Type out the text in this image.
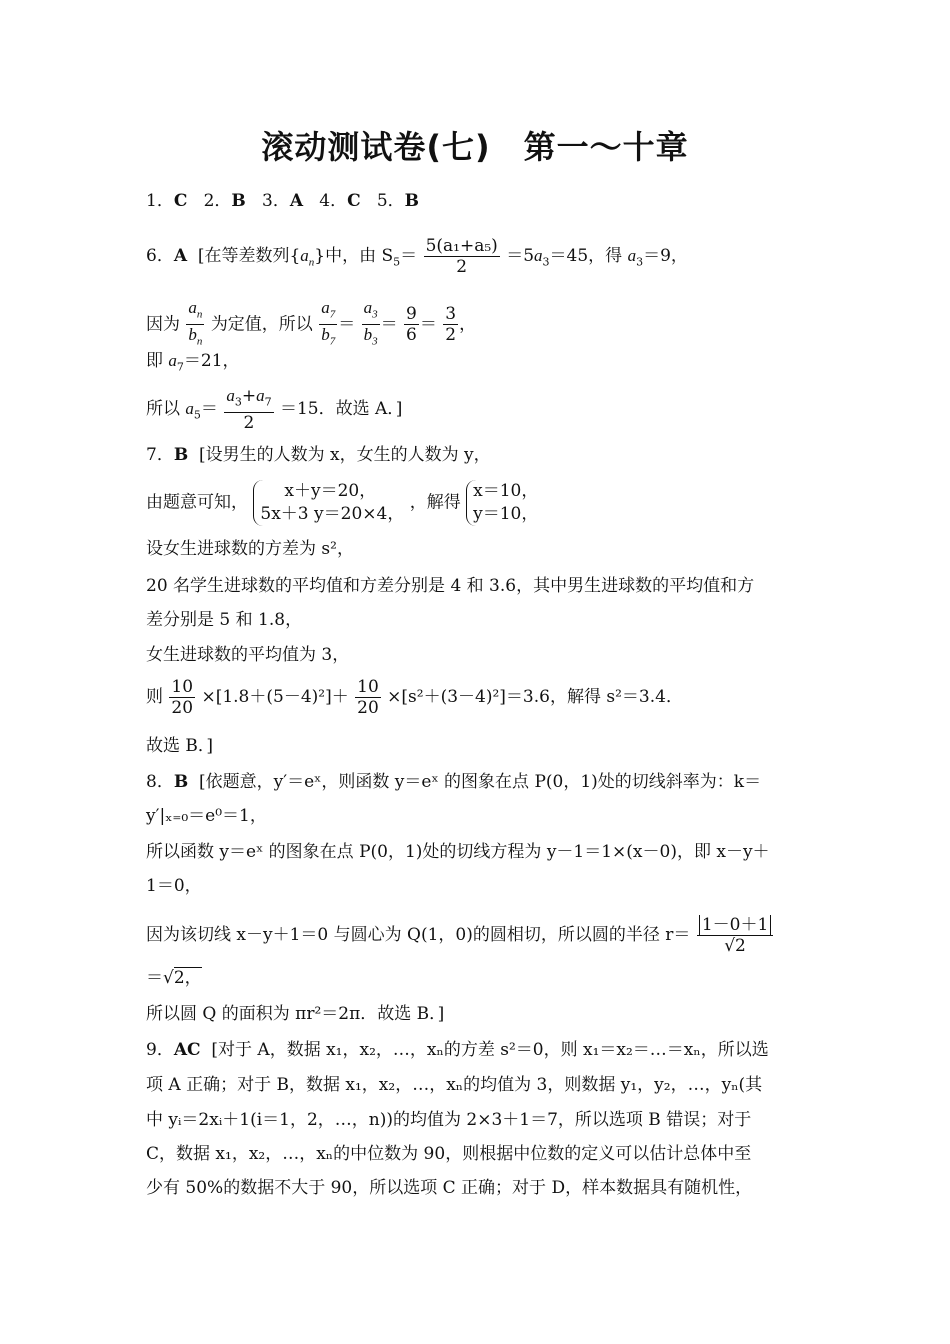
滚动测试卷(七)　第一～十章
1．C 2．B 3．A 4．C 5．B
6．A [在等差数列$\{a_n\}$中，由 $S_5= \frac{\text{5(a₁+a₅)}}{2} =5a_3=45$，得 $a_3=9$，
因为 $\frac{a_n}{b_n}$ 为定值，所以 $\frac{a_7}{b_7} = \frac{a_3}{b_3} = \frac{9}{6} = \frac{3}{2}$ ，
即 $a_7=21$，
所以 $a_5= \frac{a_3+a_7}{2} =15$．故选 A．]
7．B [设男生的人数为 x，女生的人数为 y，
由题意可知，
x＋y＝20，
5x＋3 y＝20×4，
，解得
x＝10，
y＝10，
设女生进球数的方差为 s²，
20 名学生进球数的平均值和方差分别是 4 和 3.6，其中男生进球数的平均值和方
差分别是 5 和 1.8，
女生进球数的平均值为 3，
则 $\frac{10}{20} \times[1.8+(5-4)^2]+ \frac{10}{20} \times[s^2+(3-4)^2]=3.6$，解得 s²＝3.4．
故选 B．]
8．B [依题意，y′＝eˣ，则函数 y＝eˣ 的图象在点 P(0，1)处的切线斜率为：k＝
y′|ₓ₌₀＝e⁰＝1，
所以函数 y＝eˣ 的图象在点 P(0，1)处的切线方程为 y－1＝1×(x－0)，即 x－y＋
1＝0，
因为该切线 x－y＋1＝0 与圆心为 Q(1，0)的圆相切，所以圆的半径 $r= \frac{1-0+1}{√2}$
＝√2，
所以圆 Q 的面积为 πr²＝2π．故选 B．]
9．AC [对于 A，数据 x₁，x₂，…，xₙ的方差 s²＝0，则 x₁＝x₂＝…＝xₙ，所以选
项 A 正确；对于 B，数据 x₁，x₂，…，xₙ的均值为 3，则数据 y₁，y₂，…，yₙ(其
中 yᵢ＝2xᵢ＋1(i＝1，2，…，n))的均值为 2×3＋1＝7，所以选项 B 错误；对于
C，数据 x₁，x₂，…，xₙ的中位数为 90，则根据中位数的定义可以估计总体中至
少有 50%的数据不大于 90，所以选项 C 正确；对于 D，样本数据具有随机性，
